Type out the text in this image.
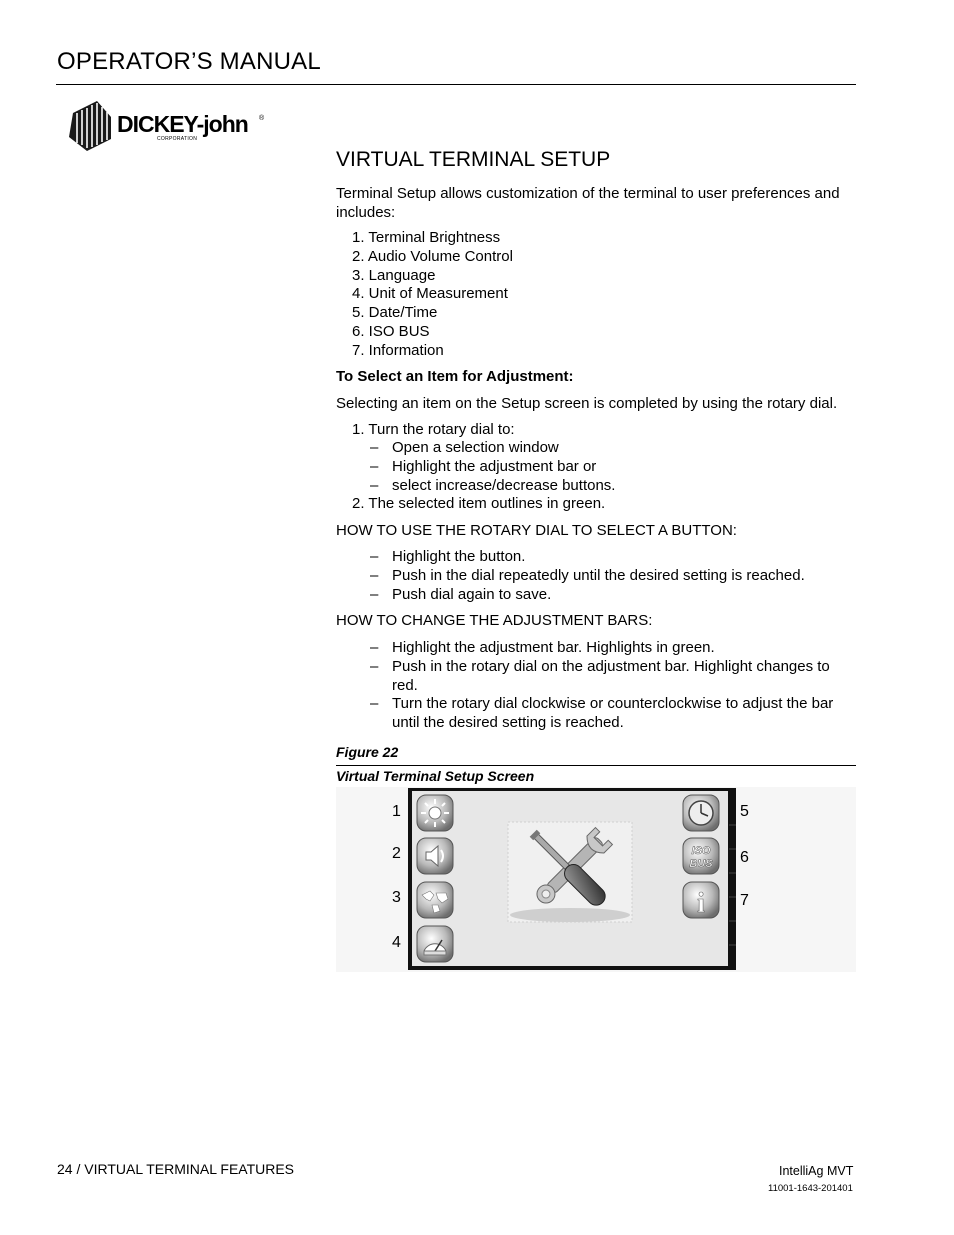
OPERATOR’S MANUAL
DICKEY-john ®
CORPORATION
VIRTUAL TERMINAL SETUP
Terminal Setup allows customization of the terminal to user preferences and includes:
1. Terminal Brightness
2. Audio Volume Control
3. Language
4. Unit of Measurement
5. Date/Time
6. ISO BUS
7. Information
To Select an Item for Adjustment:
Selecting an item on the Setup screen is completed by using the rotary dial.
1. Turn the rotary dial to:
– Open a selection window
– Highlight the adjustment bar or
– select increase/decrease buttons.
2. The selected item outlines in green.
HOW TO USE THE ROTARY DIAL TO SELECT A BUTTON:
– Highlight the button.
– Push in the dial repeatedly until the desired setting is reached.
– Push dial again to save.
HOW TO CHANGE THE ADJUSTMENT BARS:
– Highlight the adjustment bar. Highlights in green.
– Push in the rotary dial on the adjustment bar. Highlight changes to red.
– Turn the rotary dial clockwise or counterclockwise to adjust the bar until the desired setting is reached.
Figure 22
Virtual Terminal Setup Screen
ISO
BUS
i
1
2
3
4
5
6
7
24 / VIRTUAL TERMINAL FEATURES	IntelliAg MVT
11001-1643-201401
